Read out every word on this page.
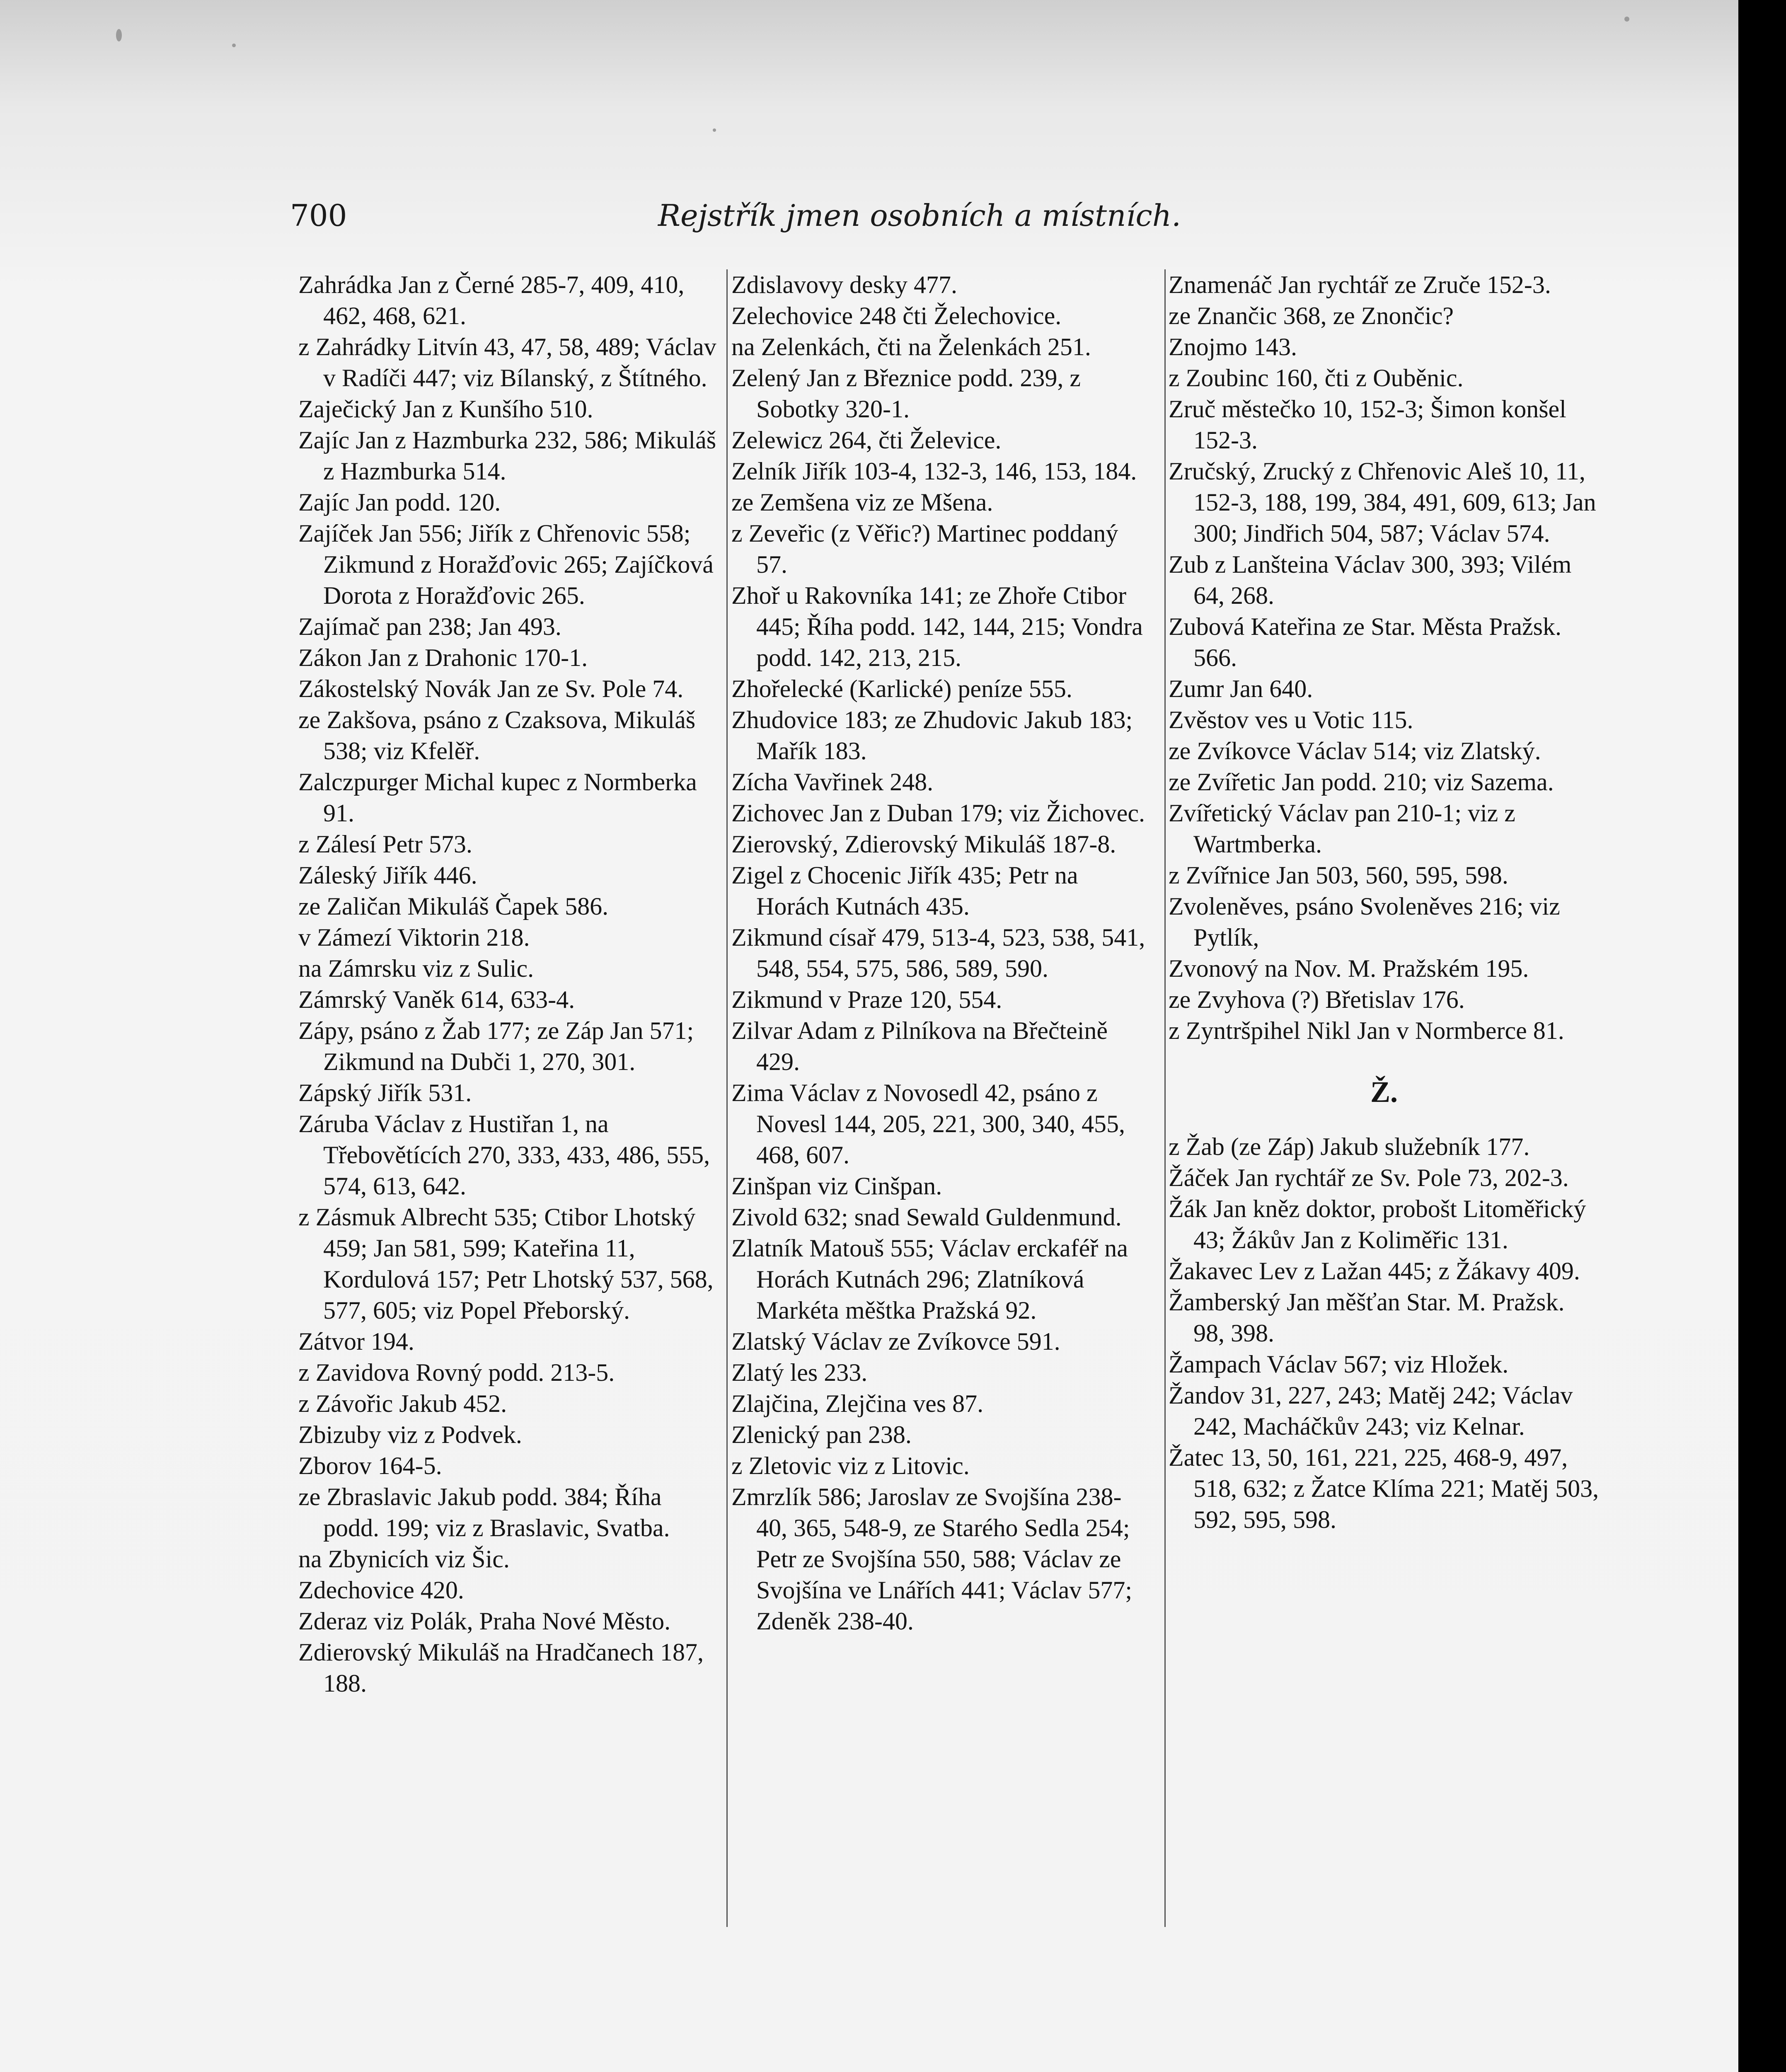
700	Rejstřík jmen osobních a místních.

Zahrádka Jan z Černé 285-7, 409, 410, 462, 468, 621.

z Zahrádky Litvín 43, 47, 58, 489; Václav v Radíči 447; viz Bílanský, z Štítného.

Zaječický Jan z Kunšího 510.

Zajíc Jan z Hazmburka 232, 586; Mikuláš z Hazmburka 514.

Zajíc Jan podd. 120.

Zajíček Jan 556; Jiřík z Chřenovic 558; Zikmund z Horažďovic 265; Zajíčková Dorota z Horažďovic 265.

Zajímač pan 238; Jan 493.

Zákon Jan z Drahonic 170-1.

Zákostelský Novák Jan ze Sv. Pole 74.

ze Zakšova, psáno z Czaksova, Mikuláš 538; viz Kfelěř.

Zalczpurger Michal kupec z Normberka 91.

z Zálesí Petr 573.

Záleský Jiřík 446.

ze Zaličan Mikuláš Čapek 586.

v Zámezí Viktorin 218.

na Zámrsku viz z Sulic.

Zámrský Vaněk 614, 633-4.

Zápy, psáno z Žab 177; ze Záp Jan 571; Zikmund na Dubči 1, 270, 301.

Zápský Jiřík 531.

Záruba Václav z Hustiřan 1, na Třebovětících 270, 333, 433, 486, 555, 574, 613, 642.

z Zásmuk Albrecht 535; Ctibor Lhotský 459; Jan 581, 599; Kateřina 11, Kordulová 157; Petr Lhotský 537, 568, 577, 605; viz Popel Přeborský.

Zátvor 194.

z Zavidova Rovný podd. 213-5.

z Závořic Jakub 452.

Zbizuby viz z Podvek.

Zborov 164-5.

ze Zbraslavic Jakub podd. 384; Říha podd. 199; viz z Braslavic, Svatba.

na Zbynicích viz Šic.

Zdechovice 420.

Zderaz viz Polák, Praha Nové Město.

Zdierovský Mikuláš na Hradčanech 187, 188.

Zdislavovy desky 477.

Zelechovice 248 čti Želechovice.

na Zelenkách, čti na Želenkách 251.

Zelený Jan z Březnice podd. 239, z Sobotky 320-1.

Zelewicz 264, čti Želevice.

Zelník Jiřík 103-4, 132-3, 146, 153, 184.

ze Zemšena viz ze Mšena.

z Zeveřic (z Věřic?) Martinec poddaný 57.

Zhoř u Rakovníka 141; ze Zhoře Ctibor 445; Říha podd. 142, 144, 215; Vondra podd. 142, 213, 215.

Zhořelecké (Karlické) peníze 555.

Zhudovice 183; ze Zhudovic Jakub 183; Mařík 183.

Zícha Vavřinek 248.

Zichovec Jan z Duban 179; viz Žichovec.

Zierovský, Zdierovský Mikuláš 187-8.

Zigel z Chocenic Jiřík 435; Petr na Horách Kutnách 435.

Zikmund císař 479, 513-4, 523, 538, 541, 548, 554, 575, 586, 589, 590.

Zikmund v Praze 120, 554.

Zilvar Adam z Pilníkova na Břečteině 429.

Zima Václav z Novosedl 42, psáno z Novesl 144, 205, 221, 300, 340, 455, 468, 607.

Zinšpan viz Cinšpan.

Zivold 632; snad Sewald Guldenmund.

Zlatník Matouš 555; Václav erckaféř na Horách Kutnách 296; Zlatníková Markéta měštka Pražská 92.

Zlatský Václav ze Zvíkovce 591.

Zlatý les 233.

Zlajčina, Zlejčina ves 87.

Zlenický pan 238.

z Zletovic viz z Litovic.

Zmrzlík 586; Jaroslav ze Svojšína 238-40, 365, 548-9, ze Starého Sedla 254; Petr ze Svojšína 550, 588; Václav ze Svojšína ve Lnářích 441; Václav 577; Zdeněk 238-40.

Znamenáč Jan rychtář ze Zruče 152-3.

ze Znančic 368, ze Znončic?

Znojmo 143.

z Zoubinc 160, čti z Ouběnic.

Zruč městečko 10, 152-3; Šimon konšel 152-3.

Zručský, Zrucký z Chřenovic Aleš 10, 11, 152-3, 188, 199, 384, 491, 609, 613; Jan 300; Jindřich 504, 587; Václav 574.

Zub z Lanšteina Václav 300, 393; Vilém 64, 268.

Zubová Kateřina ze Star. Města Pražsk. 566.

Zumr Jan 640.

Zvěstov ves u Votic 115.

ze Zvíkovce Václav 514; viz Zlatský.

ze Zvířetic Jan podd. 210; viz Sazema.

Zvířetický Václav pan 210-1; viz z Wartmberka.

z Zvířnice Jan 503, 560, 595, 598.

Zvoleněves, psáno Svoleněves 216; viz Pytlík,

Zvonový na Nov. M. Pražském 195.

ze Zvyhova (?) Břetislav 176.

z Zyntršpihel Nikl Jan v Normberce 81.

Ž.

z Žab (ze Záp) Jakub služebník 177.

Žáček Jan rychtář ze Sv. Pole 73, 202-3.

Žák Jan kněz doktor, probošt Litoměřický 43; Žákův Jan z Koliměřic 131.

Žakavec Lev z Lažan 445; z Žákavy 409.

Žamberský Jan měšťan Star. M. Pražsk. 98, 398.

Žampach Václav 567; viz Hložek.

Žandov 31, 227, 243; Matěj 242; Václav 242, Macháčkův 243; viz Kelnar.

Žatec 13, 50, 161, 221, 225, 468-9, 497, 518, 632; z Žatce Klíma 221; Matěj 503, 592, 595, 598.
